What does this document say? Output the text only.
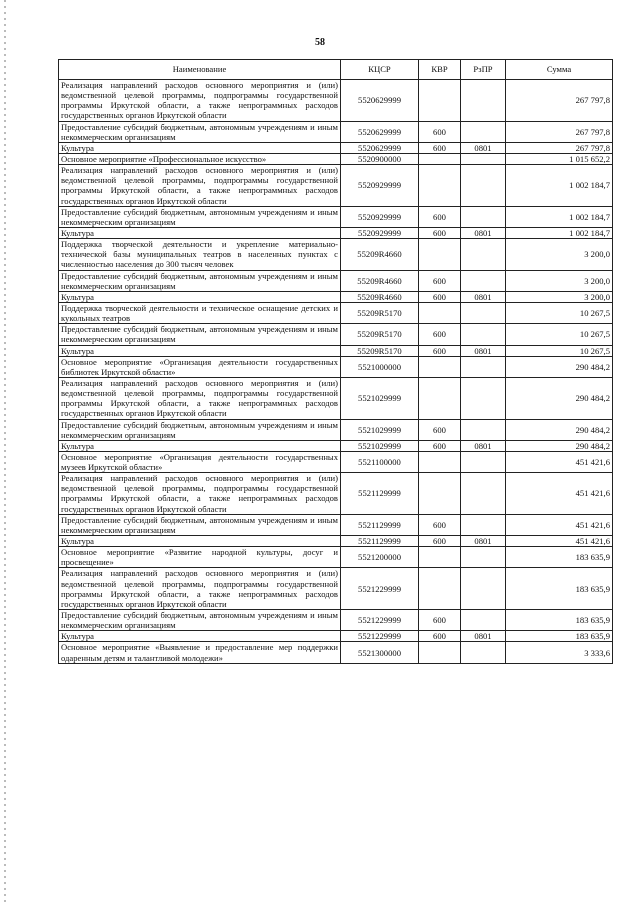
58
Наименование	КЦСР	КВР	РзПР	Сумма
Реализация направлений расходов основного мероприятия и (или) ведомственной целевой программы, подпрограммы государственной программы Иркутской области, а также непрограммных расходов государственных органов Иркутской области	5520629999			267 797,8
Предоставление субсидий бюджетным, автономным учреждениям и иным некоммерческим организациям	5520629999	600		267 797,8
Культура	5520629999	600	0801	267 797,8
Основное мероприятие «Профессиональное искусство»	5520900000			1 015 652,2
Реализация направлений расходов основного мероприятия и (или) ведомственной целевой программы, подпрограммы государственной программы Иркутской области, а также непрограммных расходов государственных органов Иркутской области	5520929999			1 002 184,7
Предоставление субсидий бюджетным, автономным учреждениям и иным некоммерческим организациям	5520929999	600		1 002 184,7
Культура	5520929999	600	0801	1 002 184,7
Поддержка творческой деятельности и укрепление материально-технической базы муниципальных театров в населенных пунктах с численностью населения до 300 тысяч человек	55209R4660			3 200,0
Предоставление субсидий бюджетным, автономным учреждениям и иным некоммерческим организациям	55209R4660	600		3 200,0
Культура	55209R4660	600	0801	3 200,0
Поддержка творческой деятельности и техническое оснащение детских и кукольных театров	55209R5170			10 267,5
Предоставление субсидий бюджетным, автономным учреждениям и иным некоммерческим организациям	55209R5170	600		10 267,5
Культура	55209R5170	600	0801	10 267,5
Основное мероприятие «Организация деятельности государственных библиотек Иркутской области»	5521000000			290 484,2
Реализация направлений расходов основного мероприятия и (или) ведомственной целевой программы, подпрограммы государственной программы Иркутской области, а также непрограммных расходов государственных органов Иркутской области	5521029999			290 484,2
Предоставление субсидий бюджетным, автономным учреждениям и иным некоммерческим организациям	5521029999	600		290 484,2
Культура	5521029999	600	0801	290 484,2
Основное мероприятие «Организация деятельности государственных музеев Иркутской области»	5521100000			451 421,6
Реализация направлений расходов основного мероприятия и (или) ведомственной целевой программы, подпрограммы государственной программы Иркутской области, а также непрограммных расходов государственных органов Иркутской области	5521129999			451 421,6
Предоставление субсидий бюджетным, автономным учреждениям и иным некоммерческим организациям	5521129999	600		451 421,6
Культура	5521129999	600	0801	451 421,6
Основное мероприятие «Развитие народной культуры, досуг и просвещение»	5521200000			183 635,9
Реализация направлений расходов основного мероприятия и (или) ведомственной целевой программы, подпрограммы государственной программы Иркутской области, а также непрограммных расходов государственных органов Иркутской области	5521229999			183 635,9
Предоставление субсидий бюджетным, автономным учреждениям и иным некоммерческим организациям	5521229999	600		183 635,9
Культура	5521229999	600	0801	183 635,9
Основное мероприятие «Выявление и предоставление мер поддержки одаренным детям и талантливой молодежи»	5521300000			3 333,6
